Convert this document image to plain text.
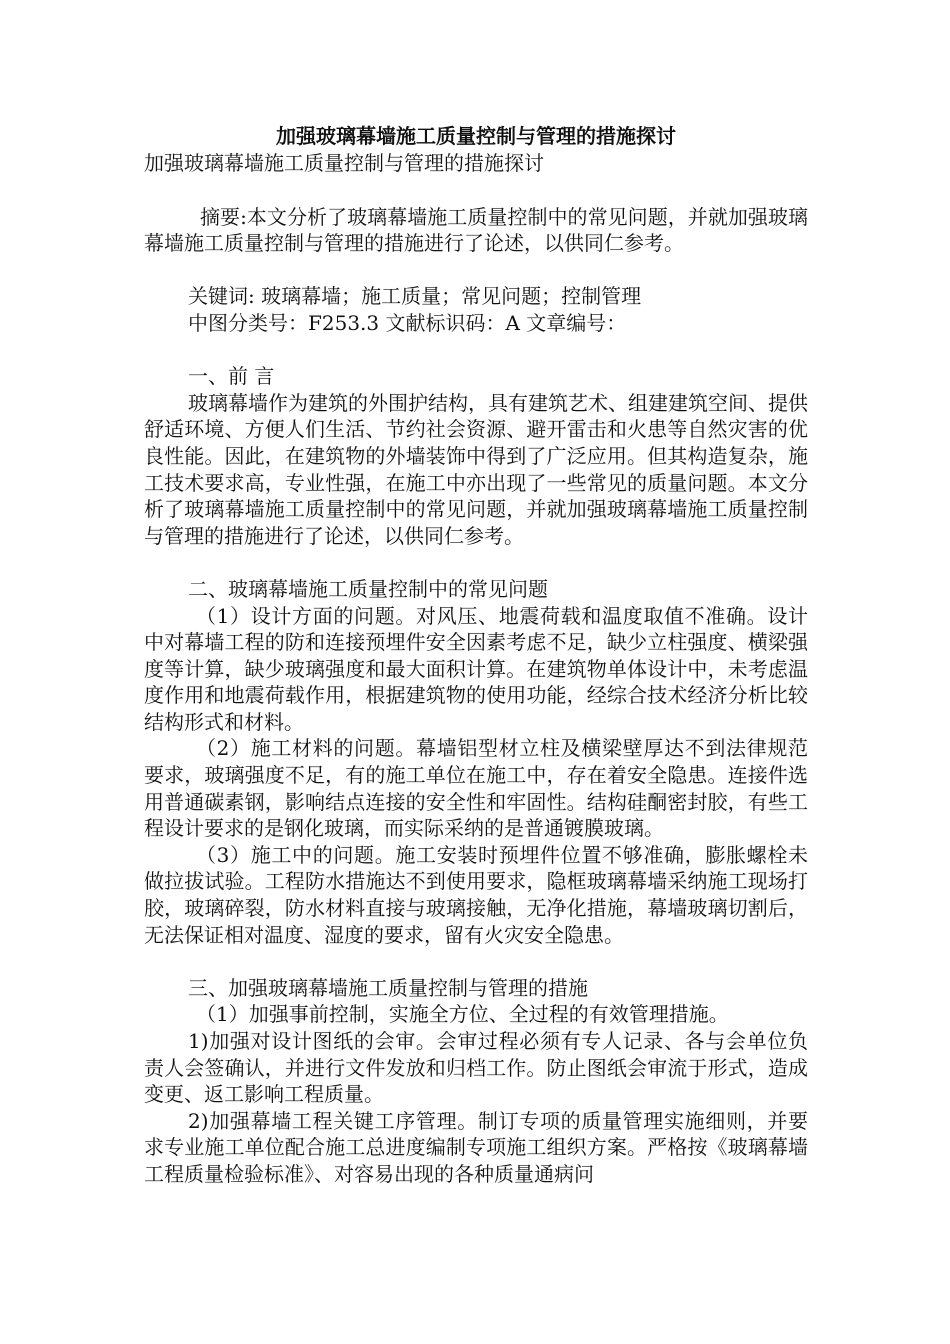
加强玻璃幕墙施工质量控制与管理的措施探讨

加强玻璃幕墙施工质量控制与管理的措施探讨

摘要:本文分析了玻璃幕墙施工质量控制中的常见问题，并就加强玻璃幕墙施工质量控制与管理的措施进行了论述，以供同仁参考。

关键词: 玻璃幕墙；施工质量；常见问题；控制管理

中图分类号：F253.3 文献标识码：A 文章编号：

一、前 言

玻璃幕墙作为建筑的外围护结构，具有建筑艺术、组建建筑空间、提供舒适环境、方便人们生活、节约社会资源、避开雷击和火患等自然灾害的优良性能。因此，在建筑物的外墙装饰中得到了广泛应用。但其构造复杂，施工技术要求高，专业性强，在施工中亦出现了一些常见的质量问题。本文分析了玻璃幕墙施工质量控制中的常见问题，并就加强玻璃幕墙施工质量控制与管理的措施进行了论述，以供同仁参考。

二、玻璃幕墙施工质量控制中的常见问题

（1）设计方面的问题。对风压、地震荷载和温度取值不准确。设计中对幕墙工程的防和连接预埋件安全因素考虑不足，缺少立柱强度、横梁强度等计算，缺少玻璃强度和最大面积计算。在建筑物单体设计中，未考虑温度作用和地震荷载作用，根据建筑物的使用功能，经综合技术经济分析比较结构形式和材料。

（2）施工材料的问题。幕墙铝型材立柱及横梁壁厚达不到法律规范要求，玻璃强度不足，有的施工单位在施工中，存在着安全隐患。连接件选用普通碳素钢，影响结点连接的安全性和牢固性。结构硅酮密封胶，有些工程设计要求的是钢化玻璃，而实际采纳的是普通镀膜玻璃。

（3）施工中的问题。施工安装时预埋件位置不够准确，膨胀螺栓未做拉拔试验。工程防水措施达不到使用要求，隐框玻璃幕墙采纳施工现场打胶，玻璃碎裂，防水材料直接与玻璃接触，无净化措施，幕墙玻璃切割后，无法保证相对温度、湿度的要求，留有火灾安全隐患。

三、加强玻璃幕墙施工质量控制与管理的措施

（1）加强事前控制，实施全方位、全过程的有效管理措施。

1)加强对设计图纸的会审。会审过程必须有专人记录、各与会单位负责人会签确认，并进行文件发放和归档工作。防止图纸会审流于形式，造成变更、返工影响工程质量。

2)加强幕墙工程关键工序管理。制订专项的质量管理实施细则，并要求专业施工单位配合施工总进度编制专项施工组织方案。严格按《玻璃幕墙工程质量检验标准》、对容易出现的各种质量通病问
